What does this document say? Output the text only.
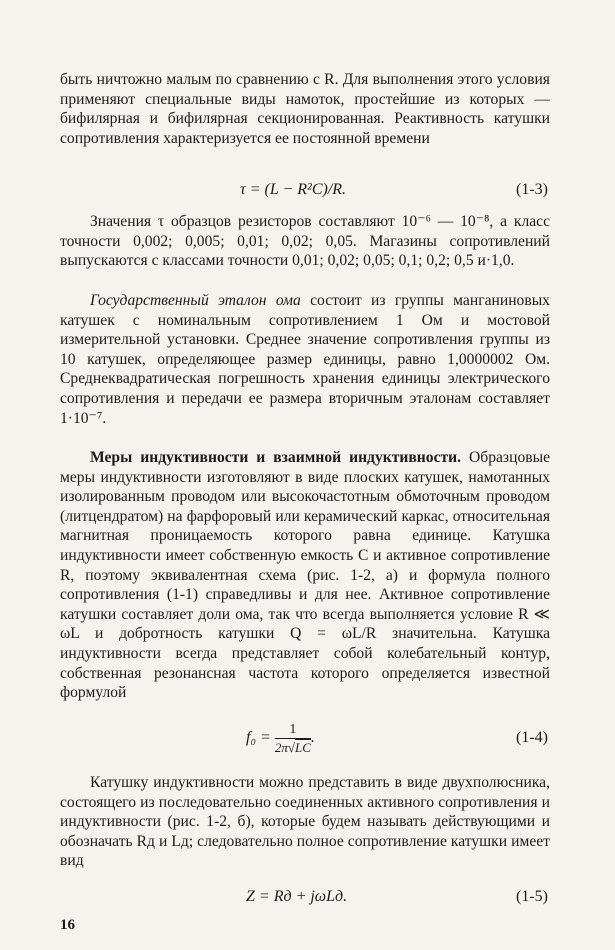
быть ничтожно малым по сравнению с R. Для выполнения этого условия применяют специальные виды намоток, простейшие из которых — бифилярная и бифилярная секционированная. Реактивность катушки сопротивления характеризуется ее постоянной времени

τ = (L − R²C)/R.	(1-3)

Значения τ образцов резисторов составляют 10⁻⁶ — 10⁻⁸, а класс точности 0,002; 0,005; 0,01; 0,02; 0,05. Магазины сопротивлений выпускаются с классами точности 0,01; 0,02; 0,05; 0,1; 0,2; 0,5 и·1,0.

Государственный эталон ома состоит из группы манганиновых катушек с номинальным сопротивлением 1 Ом и мостовой измерительной установки. Среднее значение сопротивления группы из 10 катушек, определяющее размер единицы, равно 1,0000002 Ом. Среднеквадратическая погрешность хранения единицы электрического сопротивления и передачи ее размера вторичным эталонам составляет 1·10⁻⁷.

Меры индуктивности и взаимной индуктивности. Образцовые меры индуктивности изготовляют в виде плоских катушек, намотанных изолированным проводом или высокочастотным обмоточным проводом (литцендратом) на фарфоровый или керамический каркас, относительная магнитная проницаемость которого равна единице. Катушка индуктивности имеет собственную емкость C и активное сопротивление R, поэтому эквивалентная схема (рис. 1-2, а) и формула полного сопротивления (1-1) справедливы и для нее. Активное сопротивление катушки составляет доли ома, так что всегда выполняется условие R ≪ ωL и добротность катушки Q = ωL/R значительна. Катушка индуктивности всегда представляет собой колебательный контур, собственная резонансная частота которого определяется известной формулой

$f_0 = \frac{1}{2\pi√LC}$ .	(1-4)

Катушку индуктивности можно представить в виде двухполюсника, состоящего из последовательно соединенных активного сопротивления и индуктивности (рис. 1-2, б), которые будем называть действующими и обозначать Rд и Lд; следовательно полное сопротивление катушки имеет вид

Z = Rд + jωLд.	(1-5)
16
